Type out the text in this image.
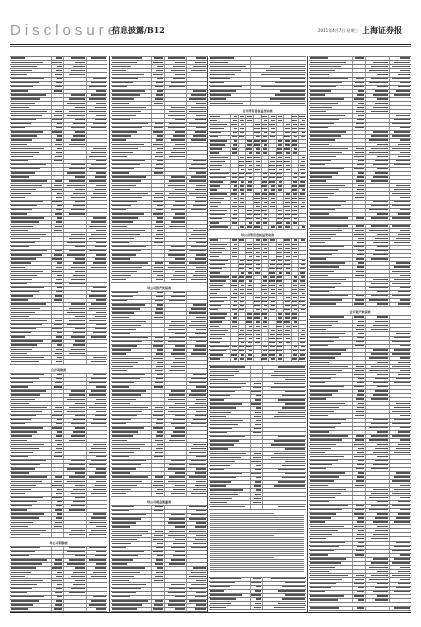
Disclosure
信息披露/B12	2011年4月7日 星期三 上海证券报
合并利润表
母公司利润表
母公司资产负债表
母公司现金流量表
合并所有者权益变动表
母公司所有者权益变动表
合并资产负债表
